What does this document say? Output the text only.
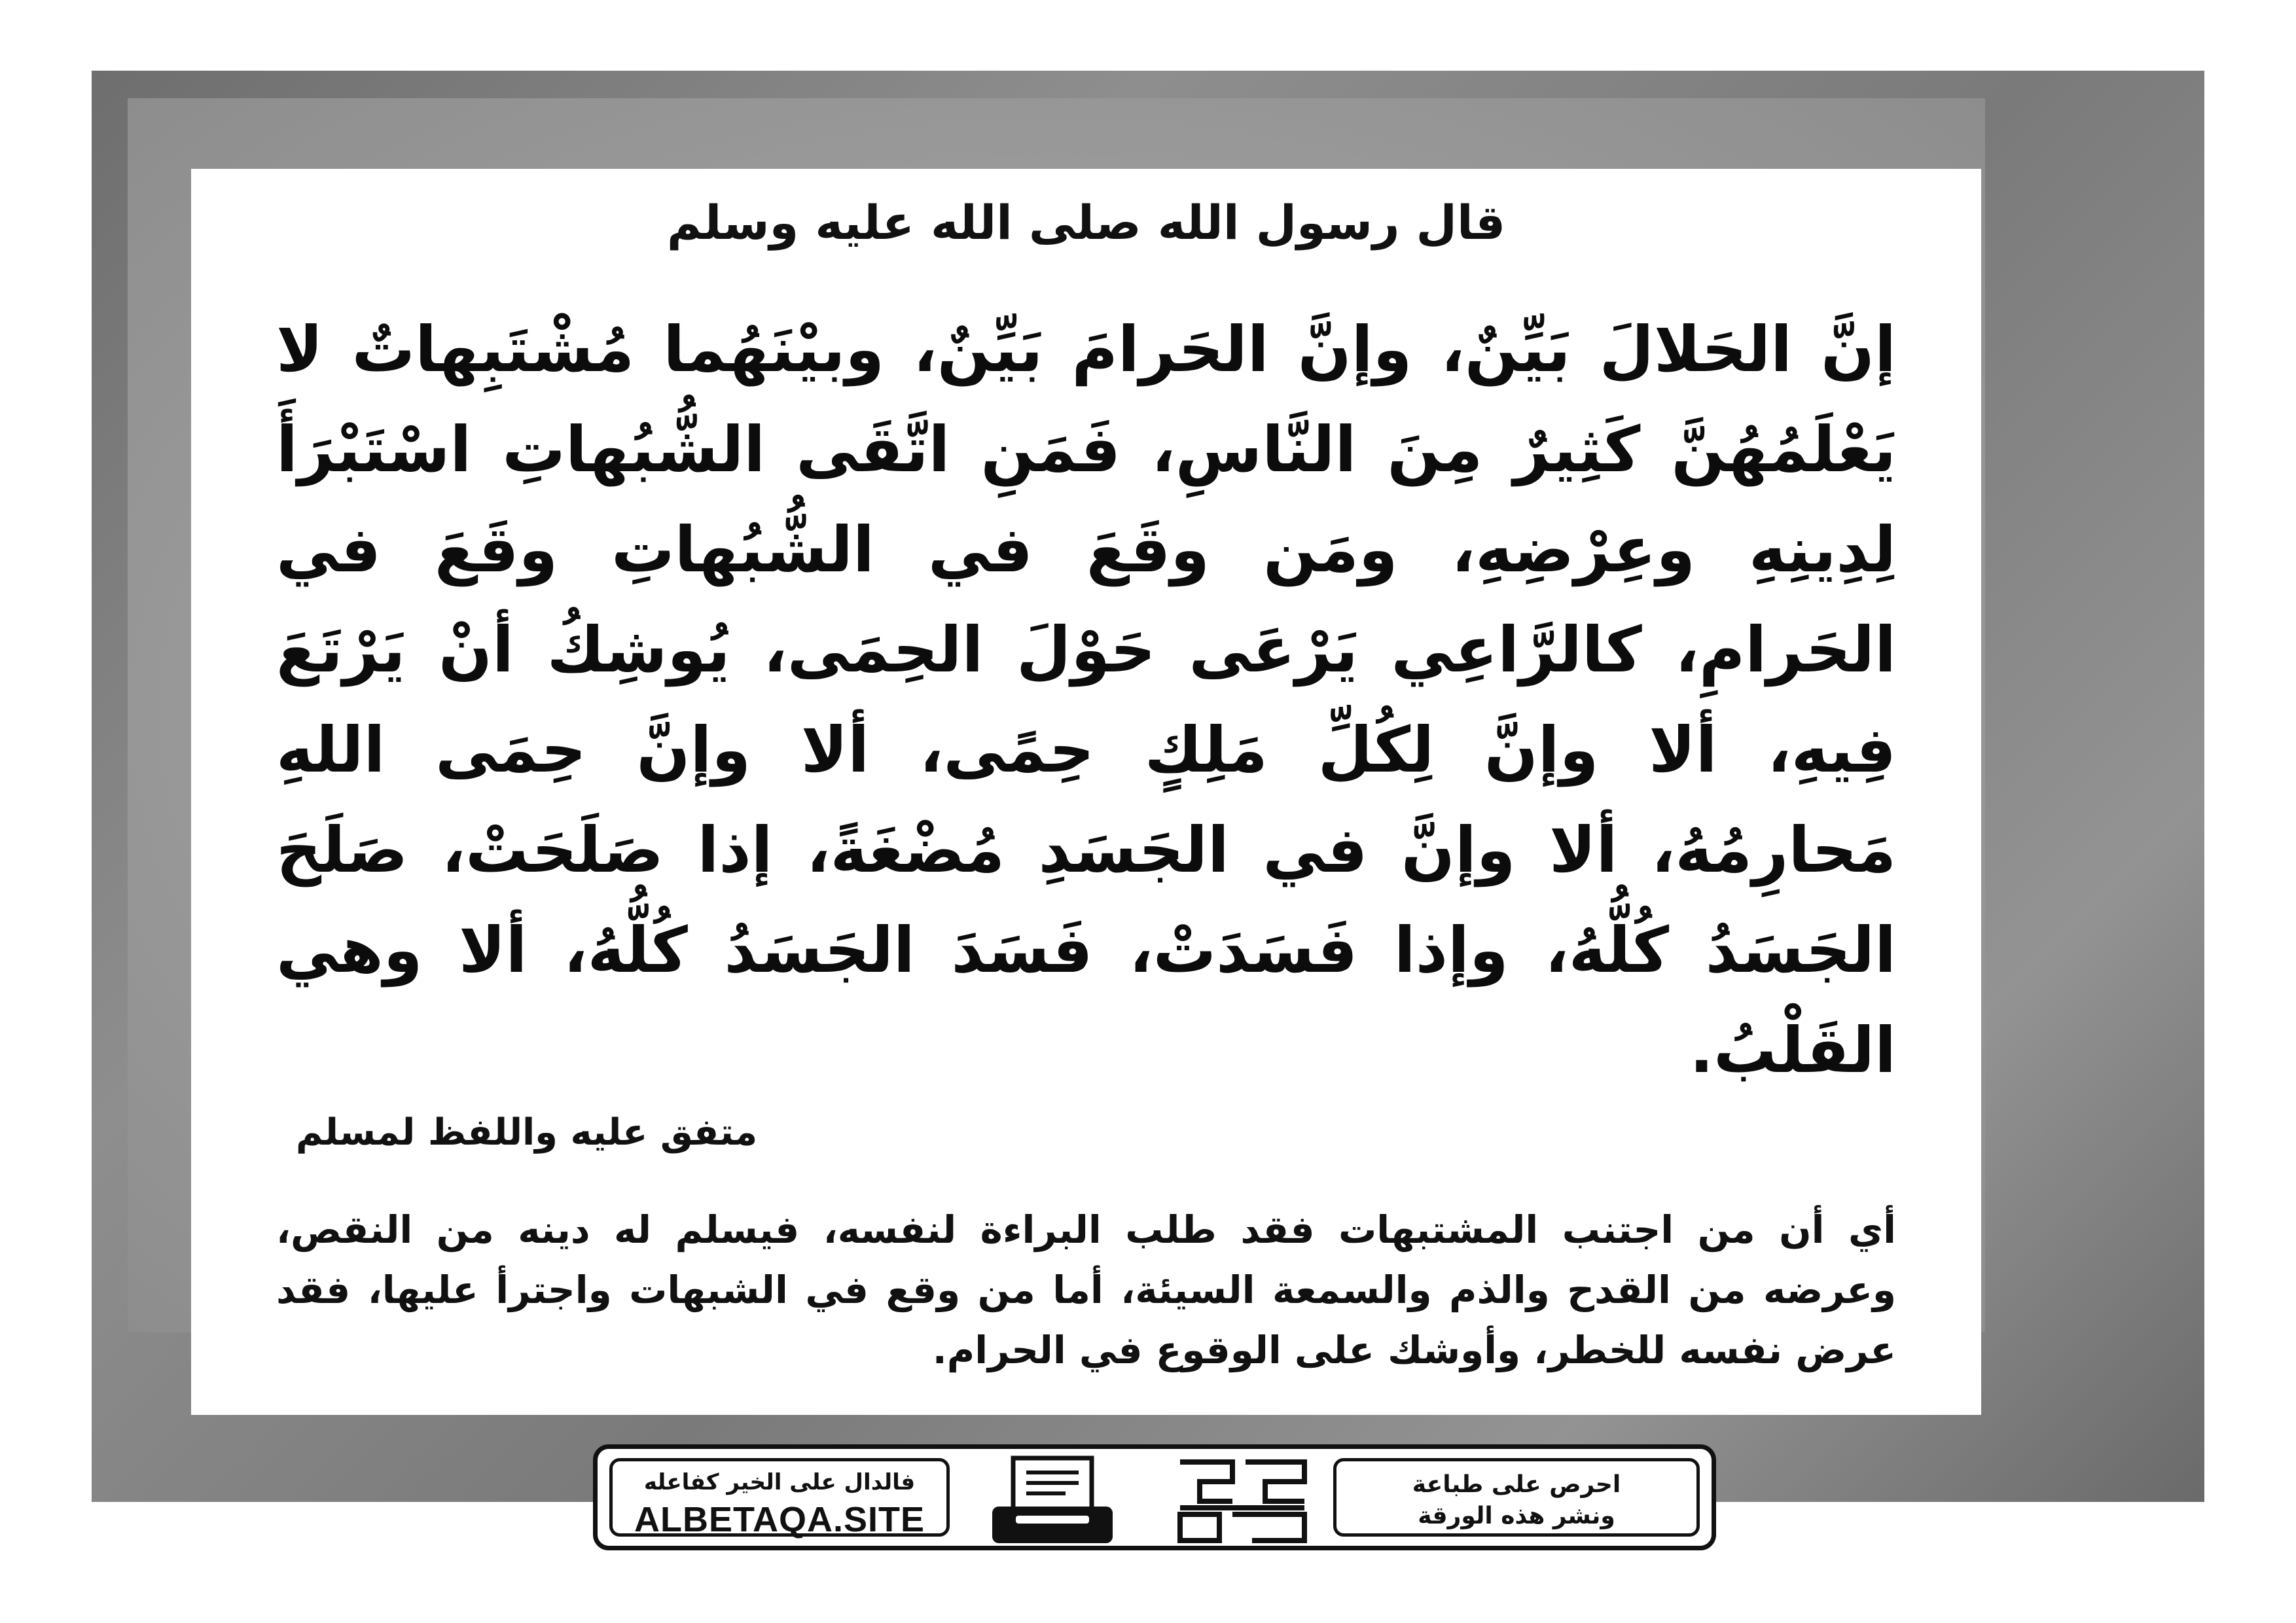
قال رسول الله صلى الله عليه وسلم
إنَّ الحَلالَ بَيِّنٌ، وإنَّ الحَرامَ بَيِّنٌ، وبيْنَهُما مُشْتَبِهاتٌ لا يَعْلَمُهُنَّ كَثِيرٌ مِنَ النَّاسِ، فَمَنِ اتَّقَى الشُّبُهاتِ اسْتَبْرَأَ لِدِينِهِ وعِرْضِهِ، ومَن وقَعَ في الشُّبُهاتِ وقَعَ في الحَرامِ، كالرَّاعِي يَرْعَى حَوْلَ الحِمَى، يُوشِكُ أنْ يَرْتَعَ فِيهِ، ألا وإنَّ لِكُلِّ مَلِكٍ حِمًى، ألا وإنَّ حِمَى اللهِ مَحارِمُهُ، ألا وإنَّ في الجَسَدِ مُضْغَةً، إذا صَلَحَتْ، صَلَحَ الجَسَدُ كُلُّهُ، وإذا فَسَدَتْ، فَسَدَ الجَسَدُ كُلُّهُ، ألا وهي القَلْبُ.
متفق عليه واللفظ لمسلم
أي أن من اجتنب المشتبهات فقد طلب البراءة لنفسه، فيسلم له دينه من النقص، وعرضه من القدح والذم والسمعة السيئة، أما من وقع في الشبهات واجترأ عليها، فقد عرض نفسه للخطر، وأوشك على الوقوع في الحرام.
فالدال على الخير كفاعله
ALBETAQA.SITE
احرص على طباعة
ونشر هذه الورقة
